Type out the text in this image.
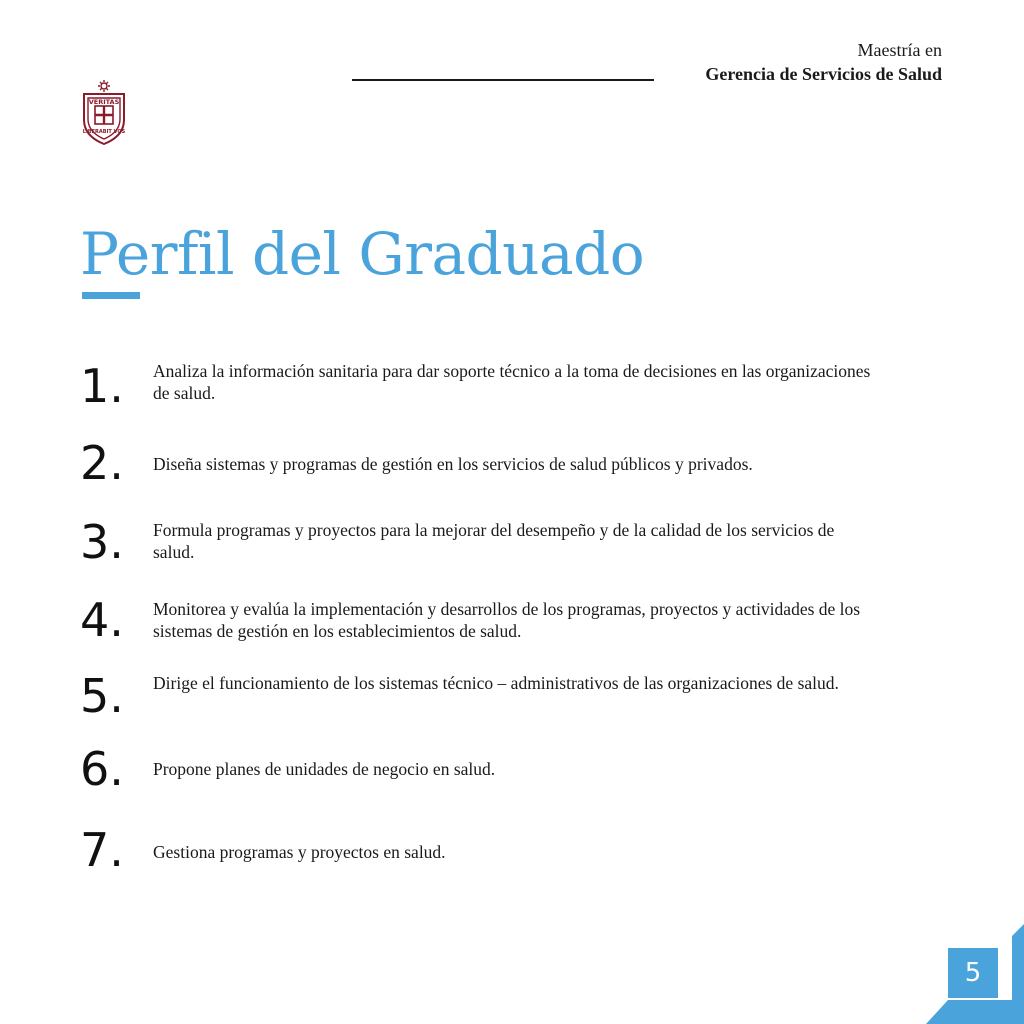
Maestría en
Gerencia de Servicios de Salud
VERITAS
LIBERABIT VOS
Perfil del Graduado
1. Analiza la información sanitaria para dar soporte técnico a la toma de decisiones en las organizaciones de salud.
2. Diseña sistemas y programas de gestión en los servicios de salud públicos y privados.
3. Formula programas y proyectos para la mejorar del desempeño y de la calidad de los servicios de salud.
4. Monitorea y evalúa la implementación y desarrollos de los programas, proyectos y actividades de los sistemas de gestión en los establecimientos de salud.
5. Dirige el funcionamiento de los sistemas técnico – administrativos de las organizaciones de salud.
6. Propone planes de unidades de negocio en salud.
7. Gestiona programas y proyectos en salud.
5
